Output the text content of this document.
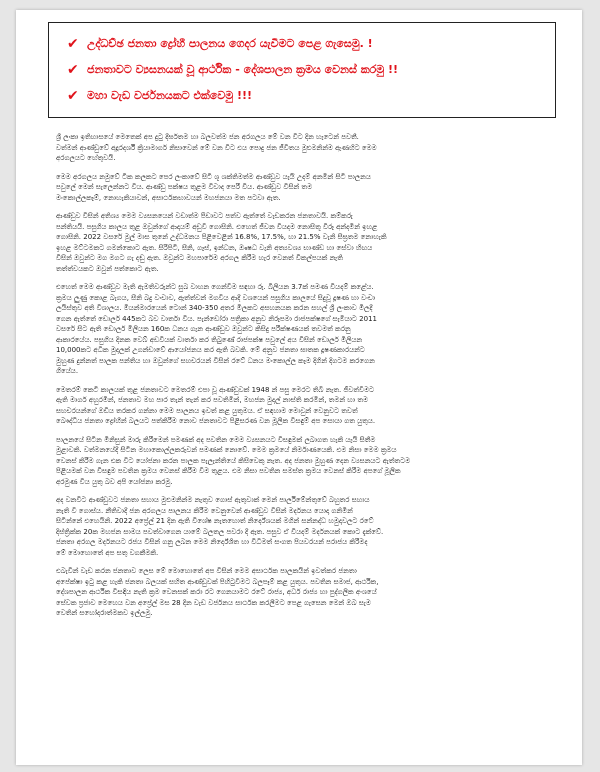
✔ උද්ධච්ඡ ජනතා ද්‍රෝහී පාලනය ගෙදර යැවීමට පෙළ ගැසෙමු. !
✔ ජනතාවට ව්‍යසනයක් වූ ආර්ථික - දේශපාලන ක්‍රමය වෙනස් කරමු !!
✔ මහා වැඩ වර්ජනයකට එක්වෙමු !!!

ශ්‍රී ලංකා ඉතිහාසයේ මෙතෙක් අප දුටු දීර්ඝතම හා බලවත්ම ජන අරගලය මේ වන විට දින හැටෙන් පවතී.

වත්මන් ආණ්ඩුවේ අදූරදර්ශී ක්‍රියාමාර්ග නිසාවෙන් මේ වන විට එය පොදු ජන ජීවිතය මුළුමනින්ම ඇණහිට මෙම

අරගලයට හේතුවයි.

මෙම අරගලය නමුවේ ටික කලකට පෙර ලංකාවේ සිටි ශූ ශක්තිමත්ම ආණ්ඩුව යැයි උදම් අනමින් සිටි පාලනය

පවුලේ මෙන් සැලෙන්නට විය. ආණ්ඩු පක්ෂය තුළම විවාද පෙරී විය. ආණ්ඩුව විසින් තම

මංකොල්ලකෑම්, නොහැකියාවන්, අසාර්ථකභාවයන් මහජනයා මත පටවා ඇත.

ආණ්ඩුව විසින් අතිශ්‍ය මෙම ව්‍යසනයෙන් වඩාත්ම පීඩාවට පත්ව ඇත්තේ වැඩකරන ජනතාවයි. කම්කරු

පන්තියයි. පසුගිය කාලය තුළ ඔවුන්ගේ ආදායම් අඩුවී ගොසිනි. එහෙත් ජීවන වියදම නොසිතූ විරූ අන්දමින් ඉහළ

ගොසිනි. 2022 වසරේ මුල් මාස තුනේ උද්ධමනය පිළිවෙළින් 16.8%, 17.5%, හා 21.5% වැනි සීඝ්‍රතම නොහැකි

ඉහළ මට්ටමකට ගමන්කොට ඇත. සිරිපිටි, සීනි, ගෑස්, ඉන්ධන, ඖෂධ වැනි අත්‍යවශ්‍ය භාණ්ඩ හා සේවා හිඟය

විසින් ඔවුන්ට මග මගට ගැ දඬු ඇත. ඔවුන්ට මහපාරේම අරගල කිරීම හැර වෙනත් විකල්පයක් නැති

තත්ත්වයකට ඔවුන් පත්කොට ඇත.

එහෙත් මෙම ආණ්ඩුව මැති ඇමතිවරුන්ට සුඛ වාහන ගෙන්වීම සඳහා රු. බිලියන 3.7ක් පමණ වියදම් කළේය.

ක්‍රමය ලුණු කොළ බැගය, සීනි බදු වංචාව, ඇත්ත්වන් මගවීය ආදී වශයෙන් පසුගිය කාලයේ සිදුවූ දූෂණ හා වංචා

ලයිස්තුව අති විශාලය. මියන්මාරයෙන් ටොන් 340-350 අතර මිලකට අසහනයක කරන සහල් ශ්‍රී ලංකාව මිලදී

ගෙන ඇත්තේ ඩොලර් 445කට බව වාර්තා විය. පැන්ඩෝරා පත්‍රිකා අනුව නිරූපමා රාජපක්ෂගේ සැමියාට 2011

වසරේ සිට ඇති ඩොලර් මිලියන 160ක ධනය ගැන ආණ්ඩුව ඔවුන්ට කිසිදු පරීක්ෂණයක් තවමත් කරනු

ආකාරයේය. පසුගිය දිනක වෙබ් අඩවියක් වාර්තා කර තිබුණේ රාජපක්ෂ පවුලේ අය විසින් ඩොලර් මිලියන

10,000කට අධික මුදලක් උගන්ඩාවේ ආයෝජනය කර ඇති බවකි. මේ අනුව ජනතා ඝාතක දූෂණකාරයන්ට

මුහුණ දුන්නත් පාලක පන්තිය හා ඔවුන්ගේ සහචරයන් විසින් රටේ ධනය මංකොල්ල කෑම දිගින් දිගටම කරගෙන

ගියේය.

මෙතරම් කෙටි කාලයක් තුළ ජනතාවට මෙතරම් එපා වූ ආණ්ඩුවක් 1948 න් පසු මෙරට තිබී නැත. ජීවත්වීමට

ඇති මාර්ග අහුරමින්, ජනතාව මහ පාර තැන් තැන් කර පවතිමින්, මහජන මුදල් නාස්ති කරමින්, තමන් හා තම

සහචරයන්ගේ ඔඩිය තරකර ගන්නා මෙම පාලනය ඉවත් කළ යුතුමය. ඒ සඳහාම මොවුන් වෙනුවට තවත්

බෞද්ධිය ජනතා ද්‍රෝහීන් බලයට පත්කිරීම නොව ජනතාවට පිළිසරණ වන මූලික විසඳුම් අප සොයා ගත යුතුය.

පාලනයේ සිටින මිනිසුන් මාරු කිරීමෙන් පමණක් අද පවතින මෙම ව්‍යසනයට විසඳුමක් ලබාගත හැකි යැයි සිතීම

මුළාවකි. වත්මනයේදී සිටින මහාකොල්ලකරුවන් පමණක් නොවේ. මෙම ක්‍රමයේ නිර්මාණයෙකි. එම නිසා මෙම ක්‍රමය

වෙනස් කිරීම ගැන එක විට යෝජනා කරන පාලක පැලැන්තියේ කිසිවෙකු නැත. අද ජනතා මුහුණ දෙන ව්‍යසනයට ඇත්තටම

පිළියමක් වන විසඳුම පවතින ක්‍රමය වෙනස් කිරීම වීම තුළය. එම නිසා පවතින සමස්ත ක්‍රමය වෙනස් කිරීම අපගේ මූලික

අරමුණ විය යුතු බව අපි යෝජනා කරමු.

අද වනවිට ආණ්ඩුවට ජනතා සහාය මුළුමනින්ම නැතුව ගොස් ඇතුවාක් මෙන් පාර්ලිමේන්තුවේ බහුතර සහාය

නැති වී ගොස්ය. නීතිවාදී ජන අරගලය පාලනය කිරීම වෙනුවෙන් ආණ්ඩුව විසින් මර්දනය යොදා ගනිමින්

සිටින්නේ එහෙයිනි. 2022 අප්‍රේල් 21 දින ඇති විශේෂ නැතහොත් නිර්දේශයක් මගින් සන්නද්ධ හමුදාවලට රටේ

දිස්ත්‍රික්ක 20ක මහජන සාමය පවත්වාගෙන යාමේ බලතල පවරා දී ඇත. පසුව ඒ වියදම් මර්දනයක් කොට දැක්වේ.

ජනතා අරගල මර්දනයට රජය විසින් ගනු ලබන මෙම නිර්දේශිත හා විධිමත් සංගත පියවරයන් පරාජය කිරීමද

මේ මොහොතේ අප සතු වගකීමකි.

එබැවින් වැඩ කරන ජනතාව ලෙස මේ මොහොතේ අප විසින් මෙම අසාර්ථක පාලකයින් ඉවත්කර ජනතා

අපේක්ෂා ඉටු කළ හැකි ජනතා බලයක් සහිත ආණ්ඩුවක් පිහිටුවීමට බලපෑම් කළ යුතුය. පවතින සමාජ, ආර්ථික,

දේශපාලන ආර්ථික විසඳිය නැති ක්‍රම වෙනසක් කරා රට ගෙනයාමට රටේ රාජ්‍ය, අර්ධ රාජ්‍ය හා පුද්ගලික අංශයේ

සේවක ප්‍රජාව මෙහෙය වන අප්‍රේල් මස 28 දින වැඩ වර්ජනය සාර්ථක කරලීමට පෙළ ගැසෙන මෙන් ඔබ සැම

වෙතින් සහෝදරාත්මකව ඉල්ලමු.
